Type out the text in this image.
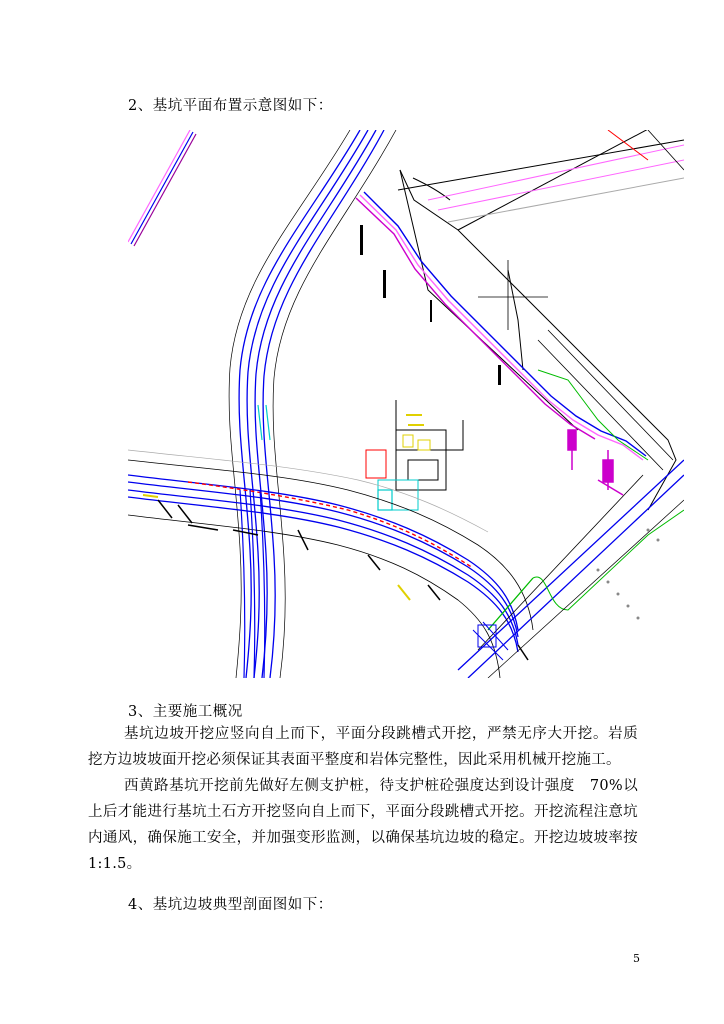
2、基坑平面布置示意图如下：
3、主要施工概况
基坑边坡开挖应竖向自上而下，平面分段跳槽式开挖，严禁无序大开挖。岩质挖方边坡坡面开挖必须保证其表面平整度和岩体完整性，因此采用机械开挖施工。
西黄路基坑开挖前先做好左侧支护桩，待支护桩砼强度达到设计强度　70%以上后才能进行基坑土石方开挖竖向自上而下，平面分段跳槽式开挖。开挖流程注意坑内通风，确保施工安全，并加强变形监测，以确保基坑边坡的稳定。开挖边坡坡率按1:1.5。
4、基坑边坡典型剖面图如下：
5
